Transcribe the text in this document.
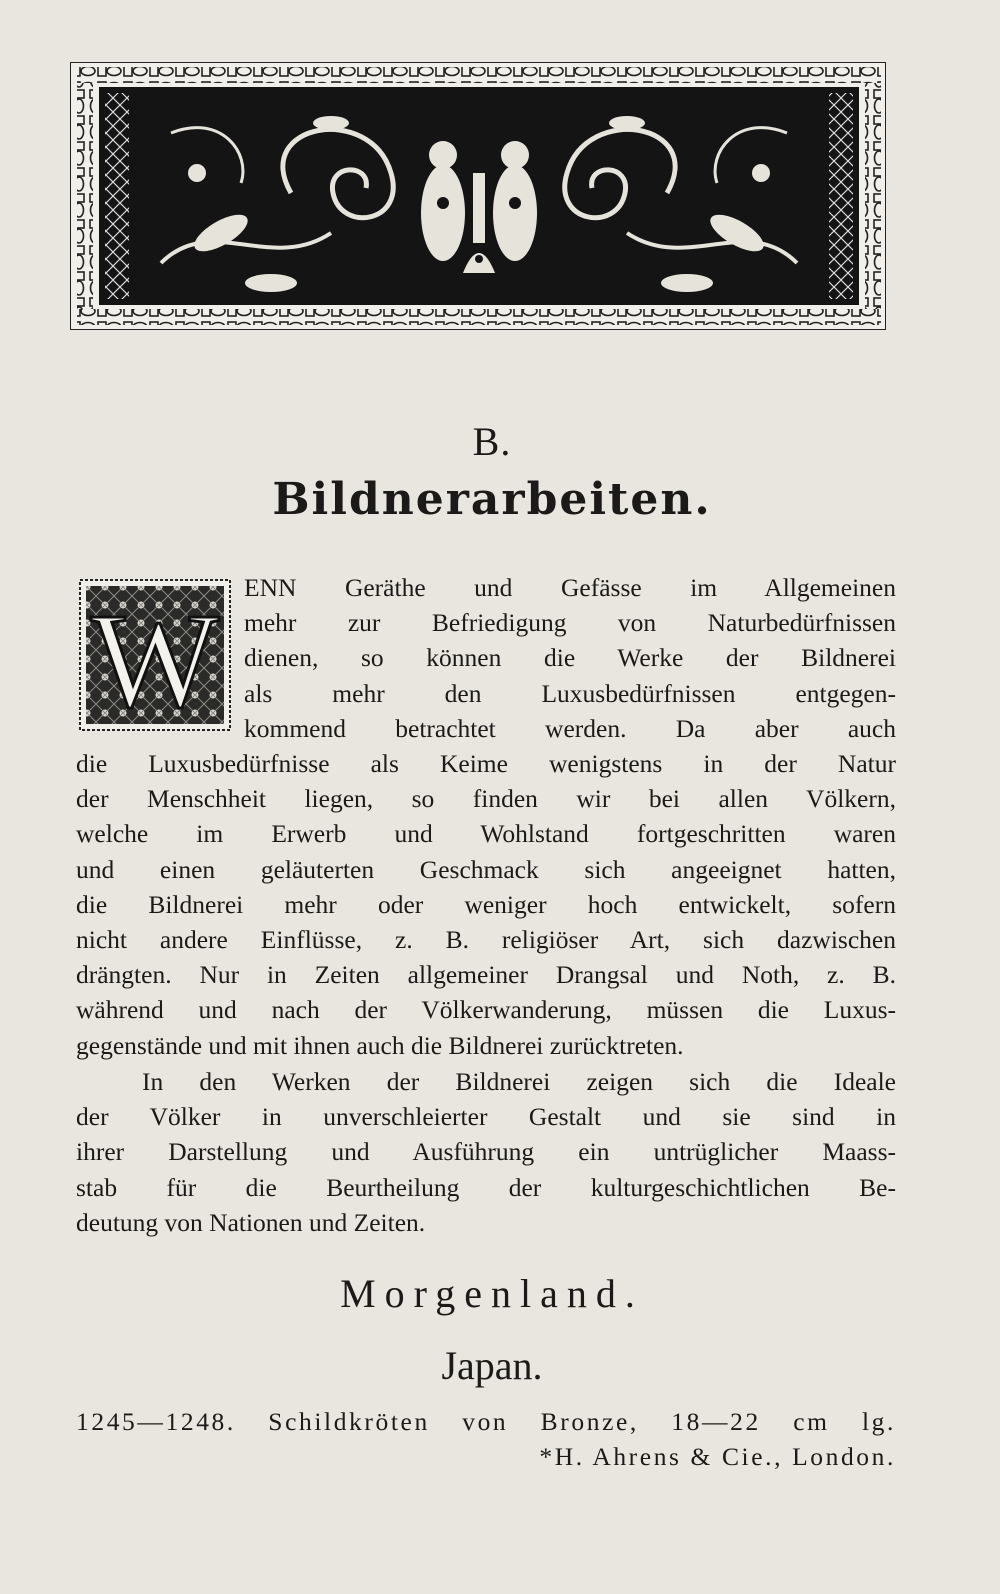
B.
Bildnerarbeiten.
W ENN Geräthe und Gefässe im Allgemeinen
mehr zur Befriedigung von Naturbedürfnissen
dienen, so können die Werke der Bildnerei
als mehr den Luxusbedürfnissen entgegen-
kommend betrachtet werden. Da aber auch
die Luxusbedürfnisse als Keime wenigstens in der Natur
der Menschheit liegen, so finden wir bei allen Völkern,
welche im Erwerb und Wohlstand fortgeschritten waren
und einen geläuterten Geschmack sich angeeignet hatten,
die Bildnerei mehr oder weniger hoch entwickelt, sofern
nicht andere Einflüsse, z. B. religiöser Art, sich dazwischen
drängten. Nur in Zeiten allgemeiner Drangsal und Noth, z. B.
während und nach der Völkerwanderung, müssen die Luxus-
gegenstände und mit ihnen auch die Bildnerei zurücktreten.
In den Werken der Bildnerei zeigen sich die Ideale
der Völker in unverschleierter Gestalt und sie sind in
ihrer Darstellung und Ausführung ein untrüglicher Maass-
stab für die Beurtheilung der kulturgeschichtlichen Be-
deutung von Nationen und Zeiten.
Morgenland.
Japan.
1245—1248. Schildkröten von Bronze, 18—22 cm lg.
*H. Ahrens & Cie., London.
